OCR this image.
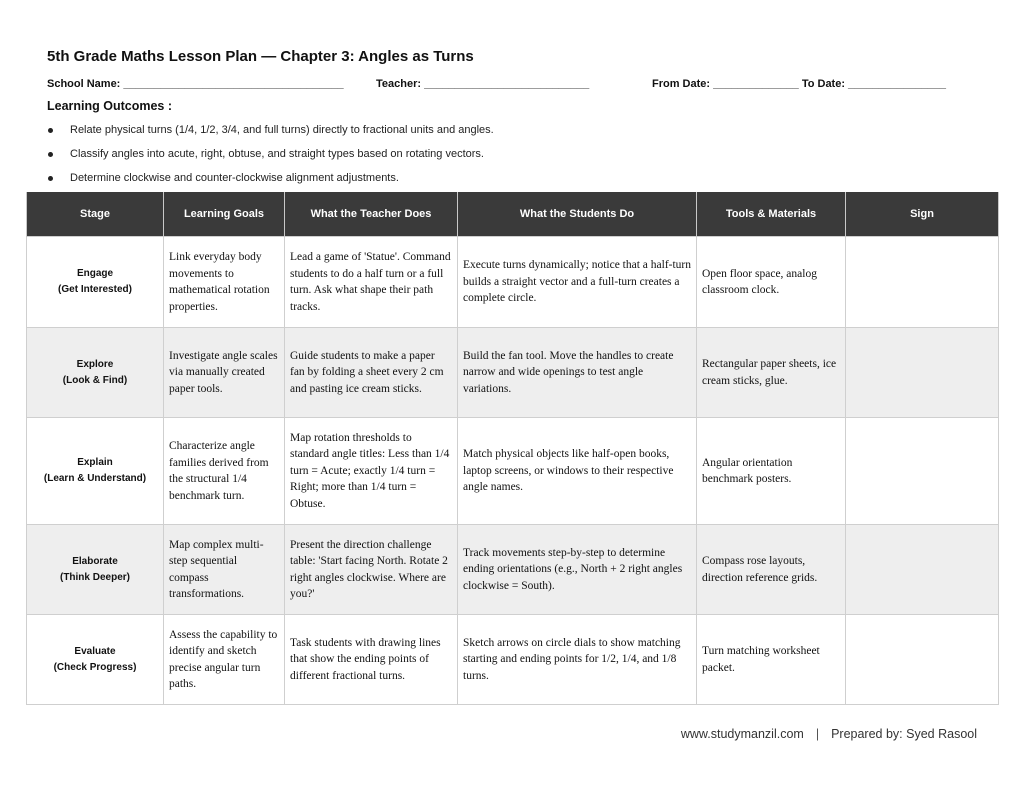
5th Grade Maths Lesson Plan — Chapter 3: Angles as Turns
School Name: ____________________________________	Teacher: ___________________________	From Date: ______________ To Date: ________________
Learning Outcomes :
Relate physical turns (1/4, 1/2, 3/4, and full turns) directly to fractional units and angles.
Classify angles into acute, right, obtuse, and straight types based on rotating vectors.
Determine clockwise and counter-clockwise alignment adjustments.
Stage	Learning Goals	What the Teacher Does	What the Students Do	Tools & Materials	Sign

Engage
(Get Interested)	Link everyday body movements to mathematical rotation properties.	Lead a game of 'Statue'. Command students to do a half turn or a full turn. Ask what shape their path tracks.	Execute turns dynamically; notice that a half-turn builds a straight vector and a full-turn creates a complete circle.	Open floor space, analog classroom clock.	

Explore
(Look & Find)	Investigate angle scales via manually created paper tools.	Guide students to make a paper fan by folding a sheet every 2 cm and pasting ice cream sticks.	Build the fan tool. Move the handles to create narrow and wide openings to test angle variations.	Rectangular paper sheets, ice cream sticks, glue.	

Explain
(Learn & Understand)	Characterize angle families derived from the structural 1/4 benchmark turn.	Map rotation thresholds to standard angle titles: Less than 1/4 turn = Acute; exactly 1/4 turn = Right; more than 1/4 turn = Obtuse.	Match physical objects like half-open books, laptop screens, or windows to their respective angle names.	Angular orientation benchmark posters.	

Elaborate
(Think Deeper)	Map complex multi-step sequential compass transformations.	Present the direction challenge table: 'Start facing North. Rotate 2 right angles clockwise. Where are you?'	Track movements step-by-step to determine ending orientations (e.g., North + 2 right angles clockwise = South).	Compass rose layouts, direction reference grids.	

Evaluate
(Check Progress)	Assess the capability to identify and sketch precise angular turn paths.	Task students with drawing lines that show the ending points of different fractional turns.	Sketch arrows on circle dials to show matching starting and ending points for 1/2, 1/4, and 1/8 turns.	Turn matching worksheet packet.	
www.studymanzil.com | Prepared by: Syed Rasool
